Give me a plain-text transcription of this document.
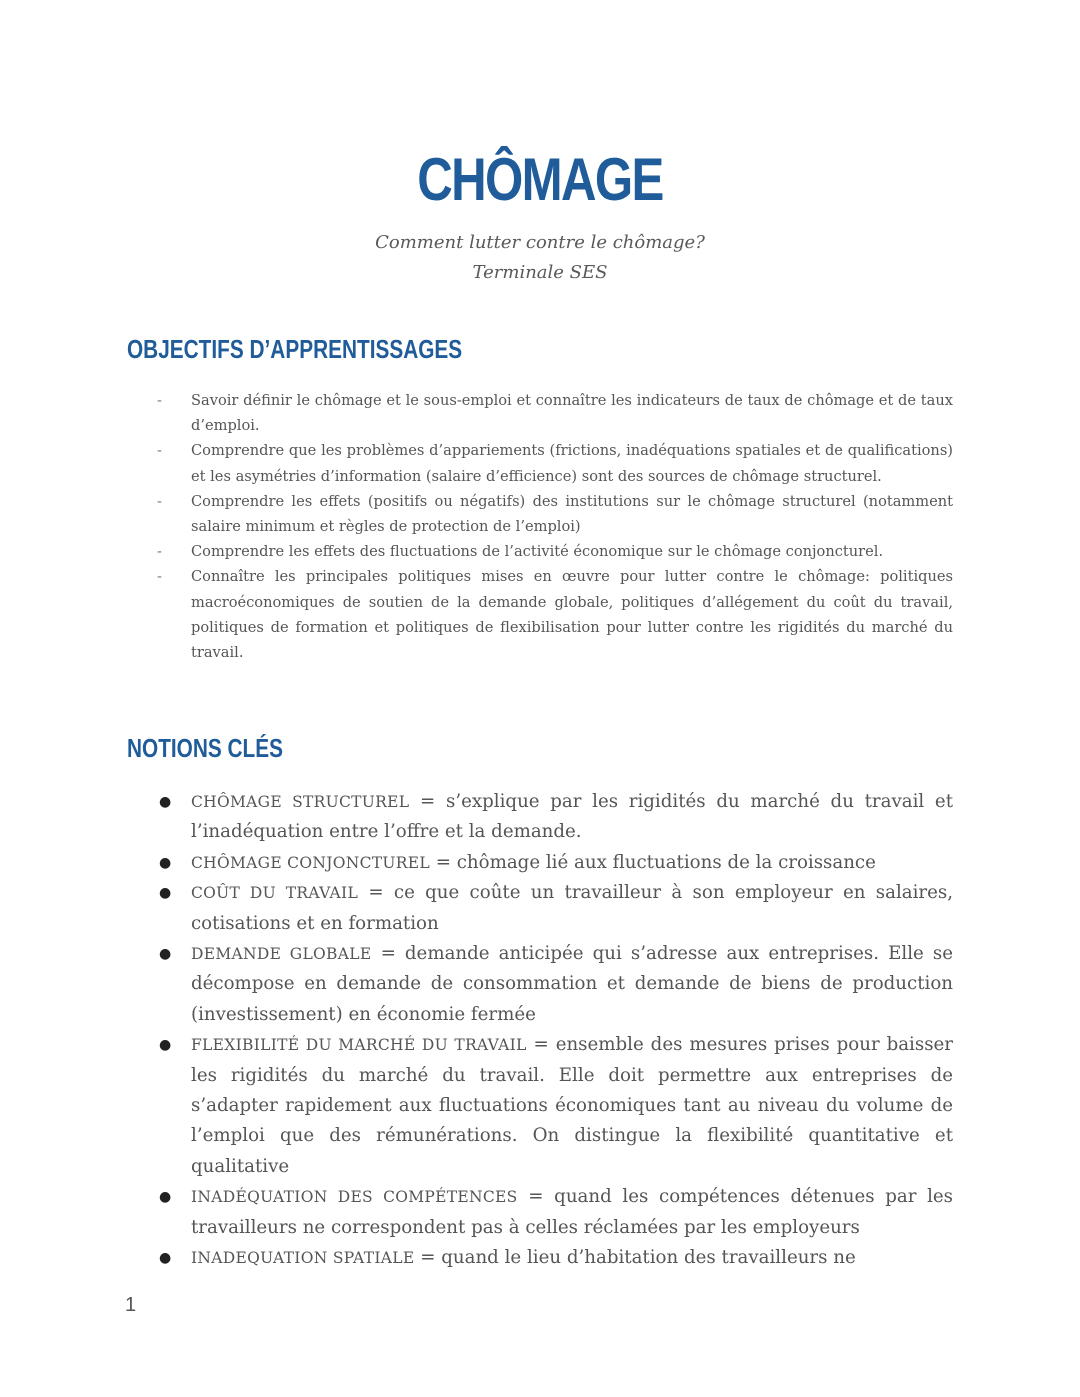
CHÔMAGE
Comment lutter contre le chômage?
Terminale SES
OBJECTIFS D’APPRENTISSAGES
- Savoir définir le chômage et le sous-emploi et connaître les indicateurs de taux de chômage et de taux d’emploi.
- Comprendre que les problèmes d’appariements (frictions, inadéquations spatiales et de qualifications) et les asymétries d’information (salaire d’efficience) sont des sources de chômage structurel.
- Comprendre les effets (positifs ou négatifs) des institutions sur le chômage structurel (notamment salaire minimum et règles de protection de l’emploi)
- Comprendre les effets des fluctuations de l’activité économique sur le chômage conjoncturel.
- Connaître les principales politiques mises en œuvre pour lutter contre le chômage: politiques macroéconomiques de soutien de la demande globale, politiques d’allégement du coût du travail, politiques de formation et politiques de flexibilisation pour lutter contre les rigidités du marché du travail.
NOTIONS CLÉS
● CHÔMAGE STRUCTUREL = s’explique par les rigidités du marché du travail et l’inadéquation entre l’offre et la demande.
● CHÔMAGE CONJONCTUREL = chômage lié aux fluctuations de la croissance
● COÛT DU TRAVAIL = ce que coûte un travailleur à son employeur en salaires, cotisations et en formation
● DEMANDE GLOBALE = demande anticipée qui s’adresse aux entreprises. Elle se décompose en demande de consommation et demande de biens de production (investissement) en économie fermée
● FLEXIBILITÉ DU MARCHÉ DU TRAVAIL = ensemble des mesures prises pour baisser les rigidités du marché du travail. Elle doit permettre aux entreprises de s’adapter rapidement aux fluctuations économiques tant au niveau du volume de l’emploi que des rémunérations. On distingue la flexibilité quantitative et qualitative
● INADÉQUATION DES COMPÉTENCES = quand les compétences détenues par les travailleurs ne correspondent pas à celles réclamées par les employeurs
● INADEQUATION SPATIALE = quand le lieu d’habitation des travailleurs ne
1
